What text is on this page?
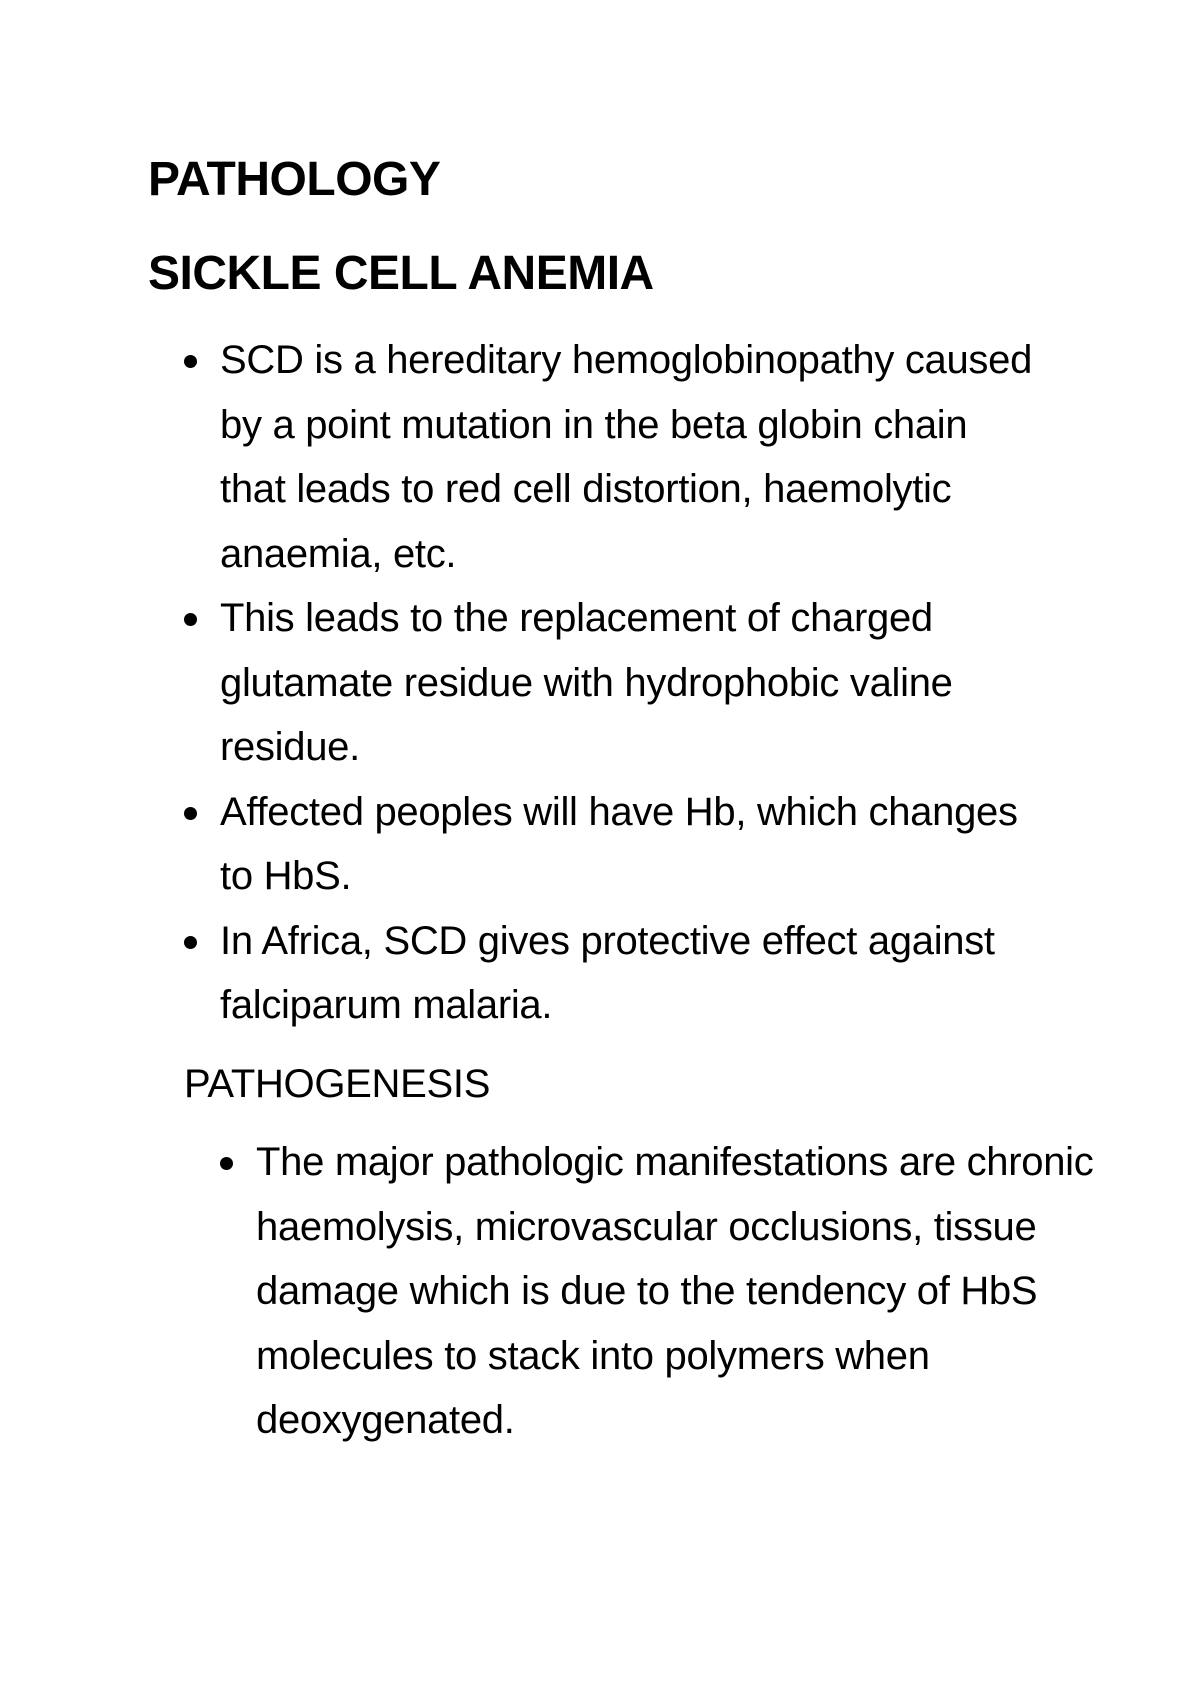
PATHOLOGY
SICKLE CELL ANEMIA
SCD is a hereditary hemoglobinopathy caused by a point mutation in the beta globin chain that leads to red cell distortion, haemolytic anaemia, etc.
This leads to the replacement of charged glutamate residue with hydrophobic valine residue.
Affected peoples will have Hb, which changes to HbS.
In Africa, SCD gives protective effect against falciparum malaria.
PATHOGENESIS
The major pathologic manifestations are chronic haemolysis, microvascular occlusions, tissue damage which is due to the tendency of HbS molecules to stack into polymers when deoxygenated.
